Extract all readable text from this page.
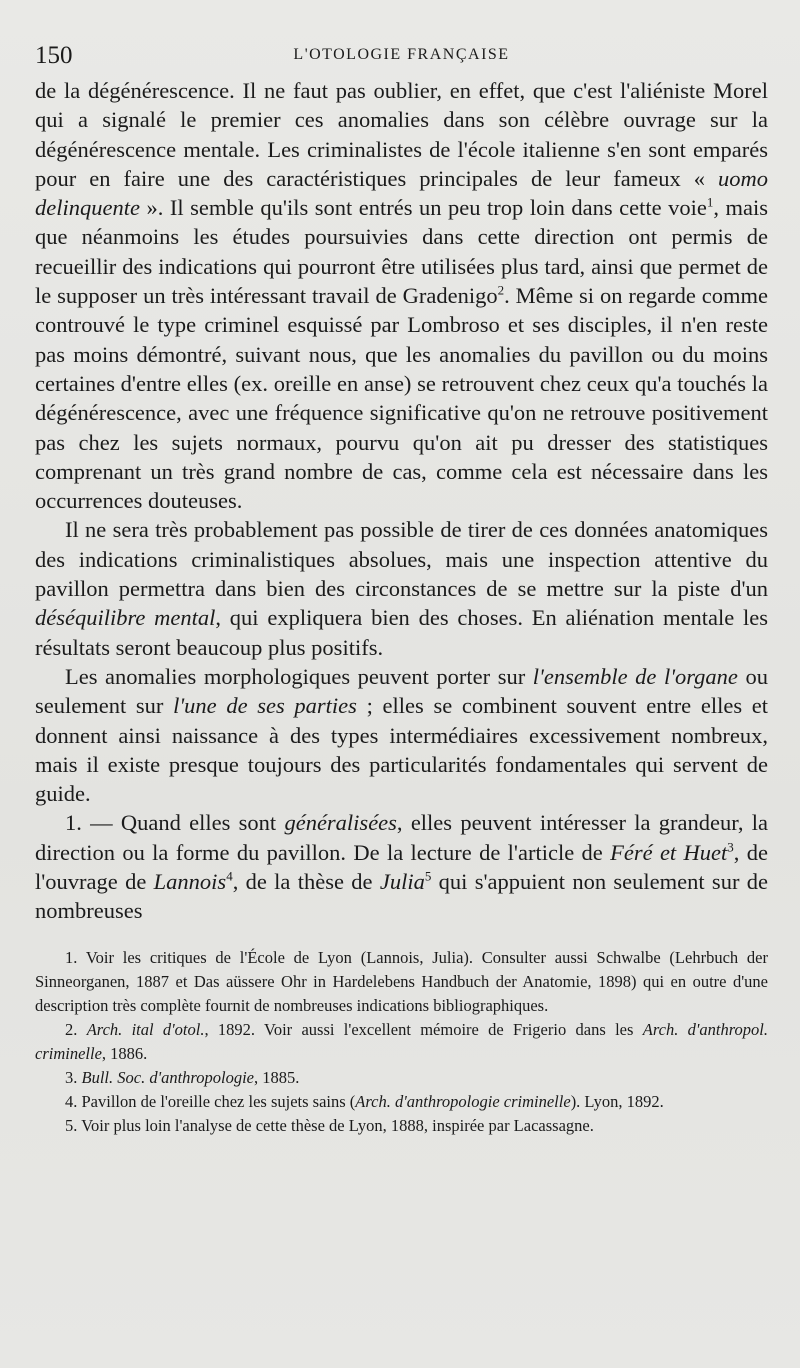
150	L'OTOLOGIE FRANÇAISE

de la dégénérescence. Il ne faut pas oublier, en effet, que c'est l'aliéniste Morel qui a signalé le premier ces anomalies dans son célèbre ouvrage sur la dégénérescence mentale. Les criminalistes de l'école italienne s'en sont emparés pour en faire une des caractéristiques principales de leur fameux « uomo delinquente ». Il semble qu'ils sont entrés un peu trop loin dans cette voie$^1$, mais que néanmoins les études poursuivies dans cette direction ont permis de recueillir des indications qui pourront être utilisées plus tard, ainsi que permet de le supposer un très intéressant travail de Gradenigo$^2$. Même si on regarde comme controuvé le type criminel esquissé par Lombroso et ses disciples, il n'en reste pas moins démontré, suivant nous, que les anomalies du pavillon ou du moins certaines d'entre elles (ex. oreille en anse) se retrouvent chez ceux qu'a touchés la dégénérescence, avec une fréquence significative qu'on ne retrouve positivement pas chez les sujets normaux, pourvu qu'on ait pu dresser des statistiques comprenant un très grand nombre de cas, comme cela est nécessaire dans les occurrences douteuses.

Il ne sera très probablement pas possible de tirer de ces données anatomiques des indications criminalistiques absolues, mais une inspection attentive du pavillon permettra dans bien des circonstances de se mettre sur la piste d'un déséquilibre mental, qui expliquera bien des choses. En aliénation mentale les résultats seront beaucoup plus positifs.

Les anomalies morphologiques peuvent porter sur l'ensemble de l'organe ou seulement sur l'une de ses parties ; elles se combinent souvent entre elles et donnent ainsi naissance à des types intermédiaires excessivement nombreux, mais il existe presque toujours des particularités fondamentales qui servent de guide.

1. — Quand elles sont généralisées, elles peuvent intéresser la grandeur, la direction ou la forme du pavillon. De la lecture de l'article de Féré et Huet$^3$, de l'ouvrage de Lannois$^4$, de la thèse de Julia$^5$ qui s'appuient non seulement sur de nombreuses

1. Voir les critiques de l'École de Lyon (Lannois, Julia). Consulter aussi Schwalbe (Lehrbuch der Sinneorganen, 1887 et Das aüssere Ohr in Hardelebens Handbuch der Anatomie, 1898) qui en outre d'une description très complète fournit de nombreuses indications bibliographiques.

2. Arch. ital d'otol., 1892. Voir aussi l'excellent mémoire de Frigerio dans les Arch. d'anthropol. criminelle, 1886.

3. Bull. Soc. d'anthropologie, 1885.

4. Pavillon de l'oreille chez les sujets sains (Arch. d'anthropologie criminelle). Lyon, 1892.

5. Voir plus loin l'analyse de cette thèse de Lyon, 1888, inspirée par Lacassagne.
